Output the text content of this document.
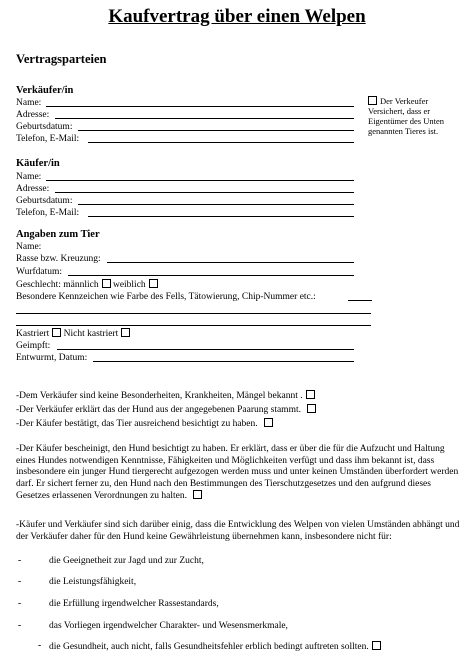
Kaufvertrag über einen Welpen
Vertragsparteien
Verkäufer/in
Name:
Adresse:
Geburtsdatum:
Telefon, E-Mail:
Der Verkeufer Versichert, dass er Eigentümer des Unten genannten Tieres ist.
Käufer/in
Name:
Adresse:
Geburtsdatum:
Telefon, E-Mail:
Angaben zum Tier
Name:
Rasse bzw. Kreuzung:
Wurfdatum:
Geschlecht: männlich weiblich
Besondere Kennzeichen wie Farbe des Fells, Tätowierung, Chip-Nummer etc.:
Kastriert Nicht kastriert
Geimpft:
Entwurmt, Datum:
-Dem Verkäufer sind keine Besonderheiten, Krankheiten, Mängel bekannt .
-Der Verkäufer erklärt das der Hund aus der angegebenen Paarung stammt.
-Der Käufer bestätigt, das Tier ausreichend besichtigt zu haben.
-Der Käufer bescheinigt, den Hund besichtigt zu haben. Er erklärt, dass er über die für die Aufzucht und Haltung eines Hundes notwendigen Kenntnisse, Fähigkeiten und Möglichkeiten verfügt und dass ihm bekannt ist, dass insbesondere ein junger Hund tiergerecht aufgezogen werden muss und unter keinen Umständen überfordert werden darf. Er sichert ferner zu, den Hund nach den Bestimmungen des Tierschutzgesetzes und den aufgrund dieses Gesetzes erlassenen Verordnungen zu halten.
-Käufer und Verkäufer sind sich darüber einig, dass die Entwicklung des Welpen von vielen Umständen abhängt und der Verkäufer daher für den Hund keine Gewährleistung übernehmen kann, insbesondere nicht für:
-	die Geeignetheit zur Jagd und zur Zucht,
-	die Leistungsfähigkeit,
-	die Erfüllung irgendwelcher Rassestandards,
-	das Vorliegen irgendwelcher Charakter- und Wesensmerkmale,
- die Gesundheit, auch nicht, falls Gesundheitsfehler erblich bedingt auftreten sollten.
